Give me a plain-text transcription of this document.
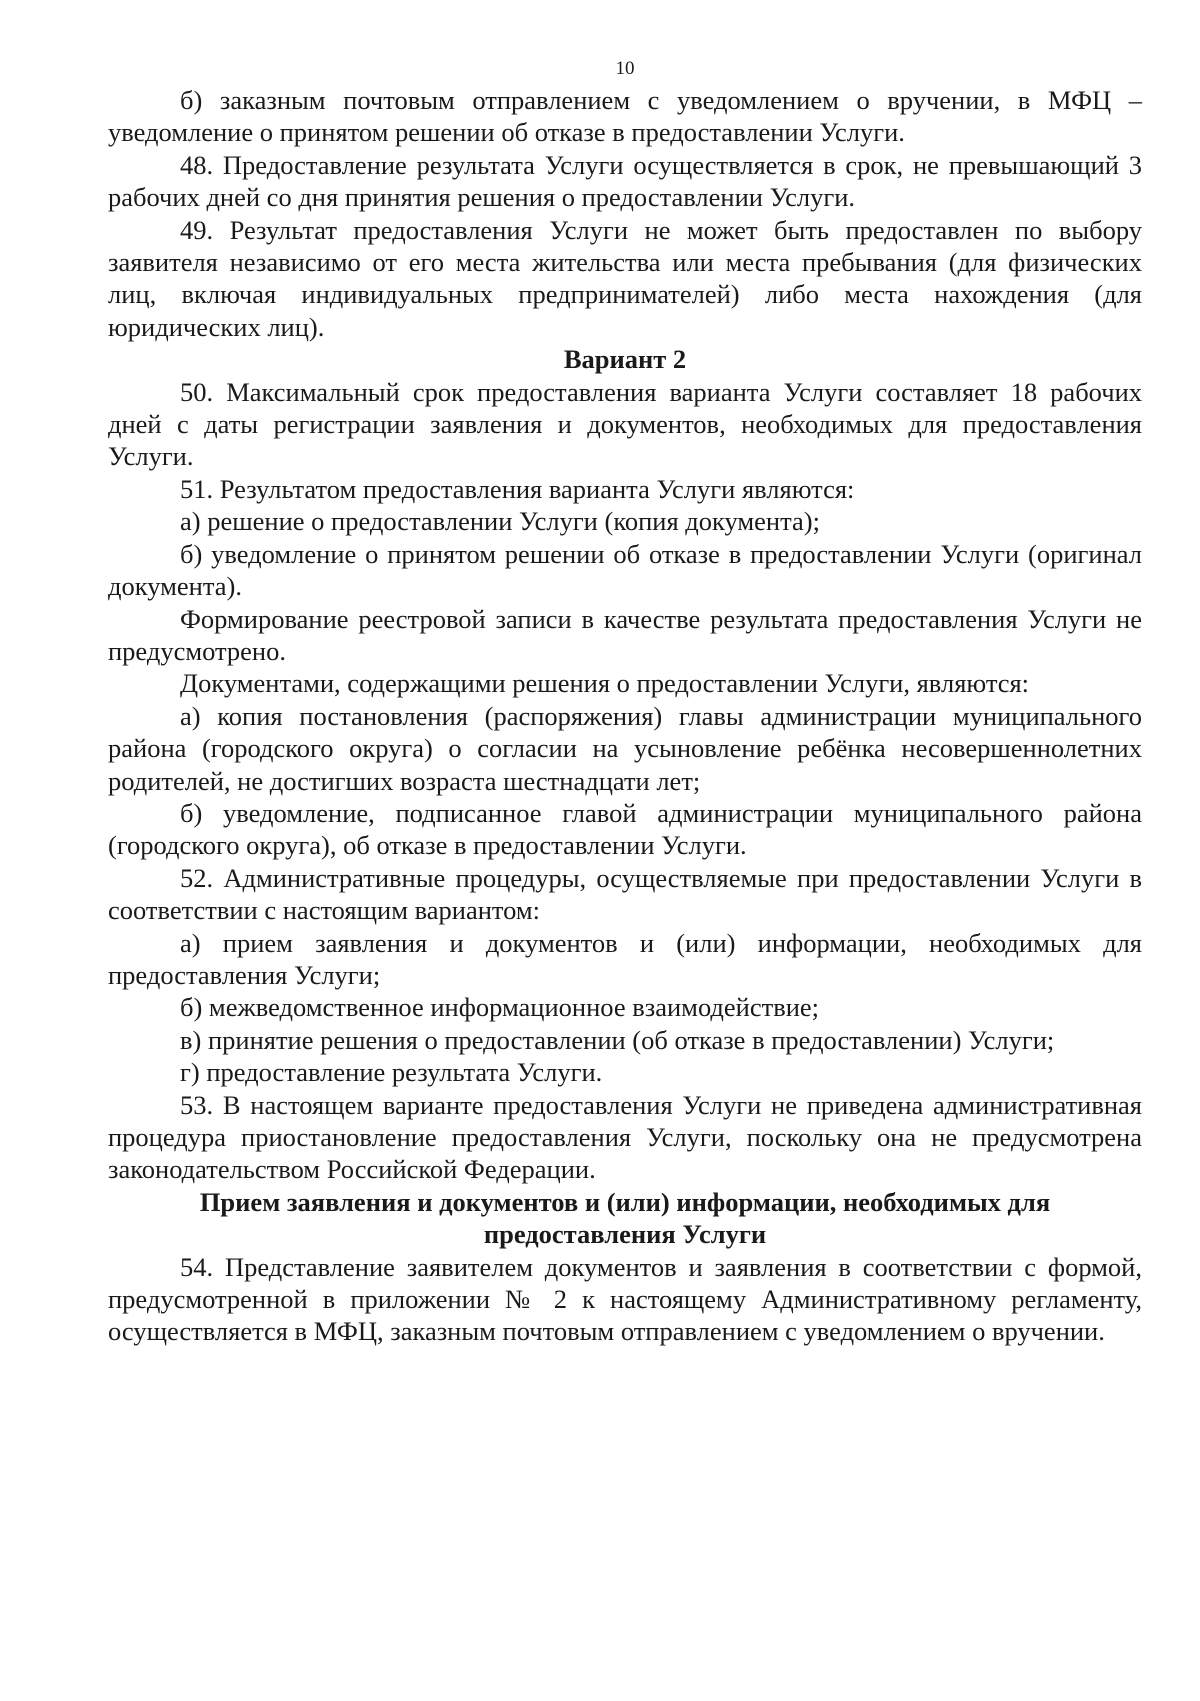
10

б) заказным почтовым отправлением с уведомлением о вручении, в МФЦ – уведомление о принятом решении об отказе в предоставлении Услуги.

48. Предоставление результата Услуги осуществляется в срок, не превышающий 3 рабочих дней со дня принятия решения о предоставлении Услуги.

49. Результат предоставления Услуги не может быть предоставлен по выбору заявителя независимо от его места жительства или места пребывания (для физических лиц, включая индивидуальных предпринимателей) либо места нахождения (для юридических лиц).

Вариант 2

50. Максимальный срок предоставления варианта Услуги составляет 18 рабочих дней с даты регистрации заявления и документов, необходимых для предоставления Услуги.

51. Результатом предоставления варианта Услуги являются:

а) решение о предоставлении Услуги (копия документа);

б) уведомление о принятом решении об отказе в предоставлении Услуги (оригинал документа).

Формирование реестровой записи в качестве результата предоставления Услуги не предусмотрено.

Документами, содержащими решения о предоставлении Услуги, являются:

а) копия постановления (распоряжения) главы администрации муниципального района (городского округа) о согласии на усыновление ребёнка несовершеннолетних родителей, не достигших возраста шестнадцати лет;

б) уведомление, подписанное главой администрации муниципального района (городского округа), об отказе в предоставлении Услуги.

52. Административные процедуры, осуществляемые при предоставлении Услуги в соответствии с настоящим вариантом:

а) прием заявления и документов и (или) информации, необходимых для предоставления Услуги;

б) межведомственное информационное взаимодействие;

в) принятие решения о предоставлении (об отказе в предоставлении) Услуги;

г) предоставление результата Услуги.

53. В настоящем варианте предоставления Услуги не приведена административная процедура приостановление предоставления Услуги, поскольку она не предусмотрена законодательством Российской Федерации.

Прием заявления и документов и (или) информации, необходимых для
предоставления Услуги

54. Представление заявителем документов и заявления в соответствии с формой, предусмотренной в приложении № 2 к настоящему Административному регламенту, осуществляется в МФЦ, заказным почтовым отправлением с уведомлением о вручении.
